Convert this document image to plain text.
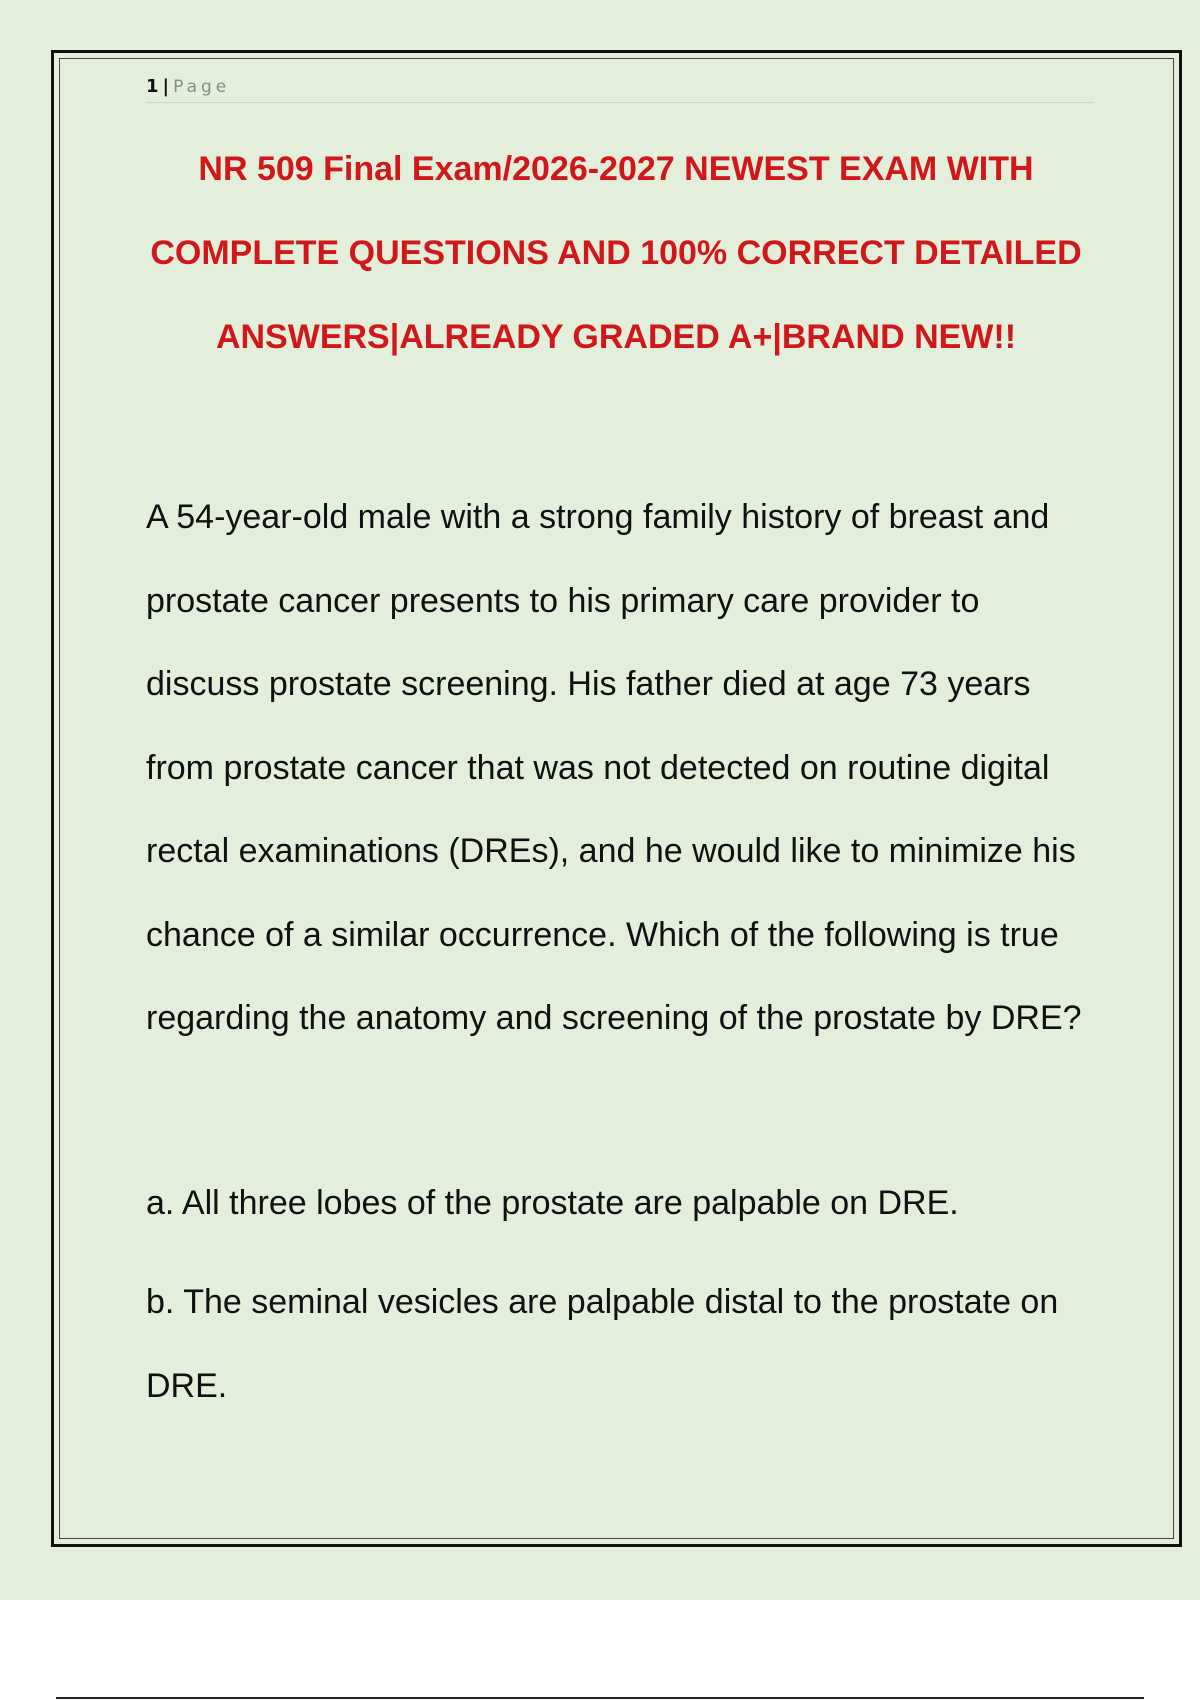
1 | Page
NR 509 Final Exam/2026-2027 NEWEST EXAM WITH COMPLETE QUESTIONS AND 100% CORRECT DETAILED ANSWERS|ALREADY GRADED A+|BRAND NEW!!

A 54-year-old male with a strong family history of breast and prostate cancer presents to his primary care provider to discuss prostate screening. His father died at age 73 years from prostate cancer that was not detected on routine digital rectal examinations (DREs), and he would like to minimize his chance of a similar occurrence. Which of the following is true regarding the anatomy and screening of the prostate by DRE?

a. All three lobes of the prostate are palpable on DRE.

b. The seminal vesicles are palpable distal to the prostate on DRE.
